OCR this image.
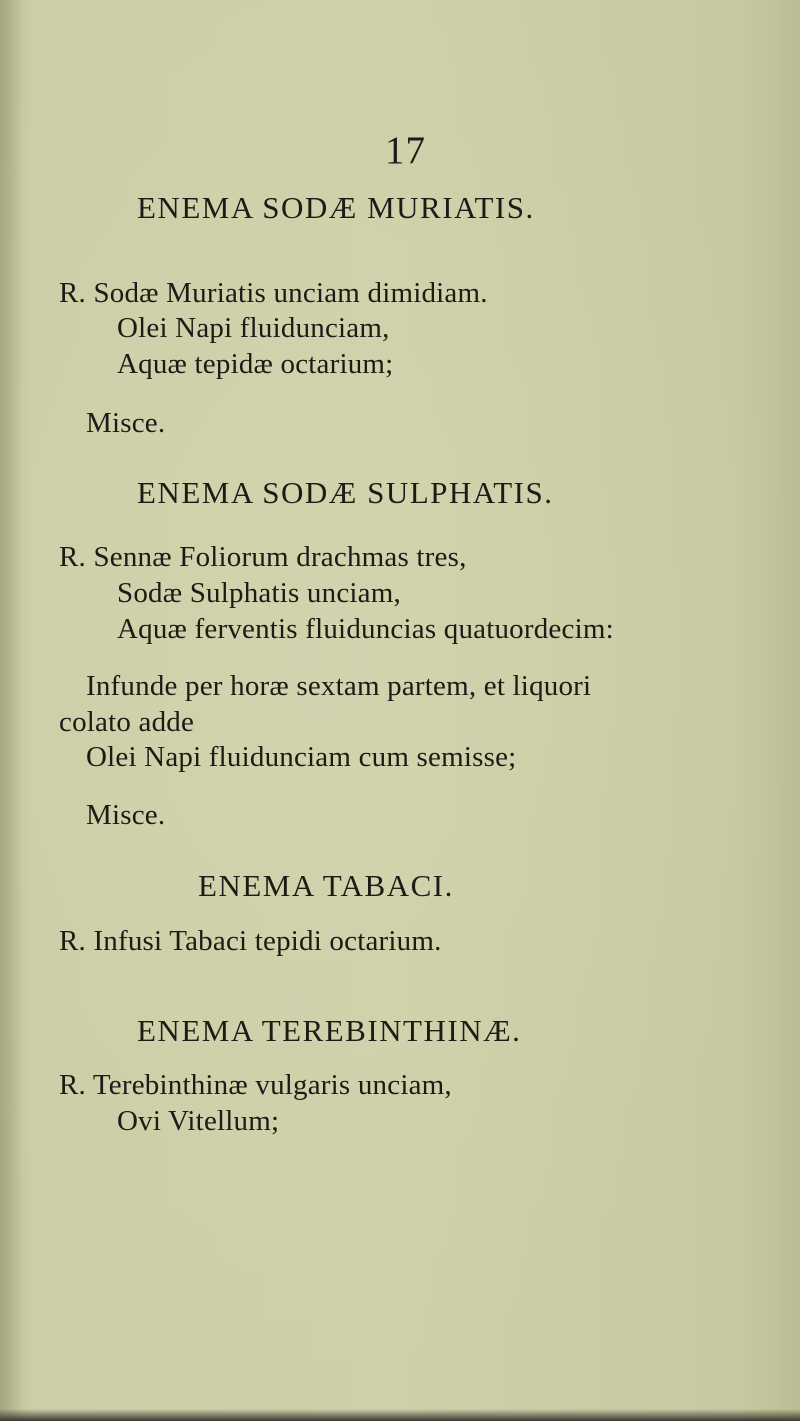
17
ENEMA SODÆ MURIATIS.
R. Sodæ Muriatis unciam dimidiam.
Olei Napi fluidunciam,
Aquæ tepidæ octarium;
Misce.
ENEMA SODÆ SULPHATIS.
R. Sennæ Foliorum drachmas tres,
Sodæ Sulphatis unciam,
Aquæ ferventis fluiduncias quatuordecim:
Infunde per horæ sextam partem, et liquori
colato adde
Olei Napi fluidunciam cum semisse;
Misce.
ENEMA TABACI.
R. Infusi Tabaci tepidi octarium.
ENEMA TEREBINTHINÆ.
R. Terebinthinæ vulgaris unciam,
Ovi Vitellum;
